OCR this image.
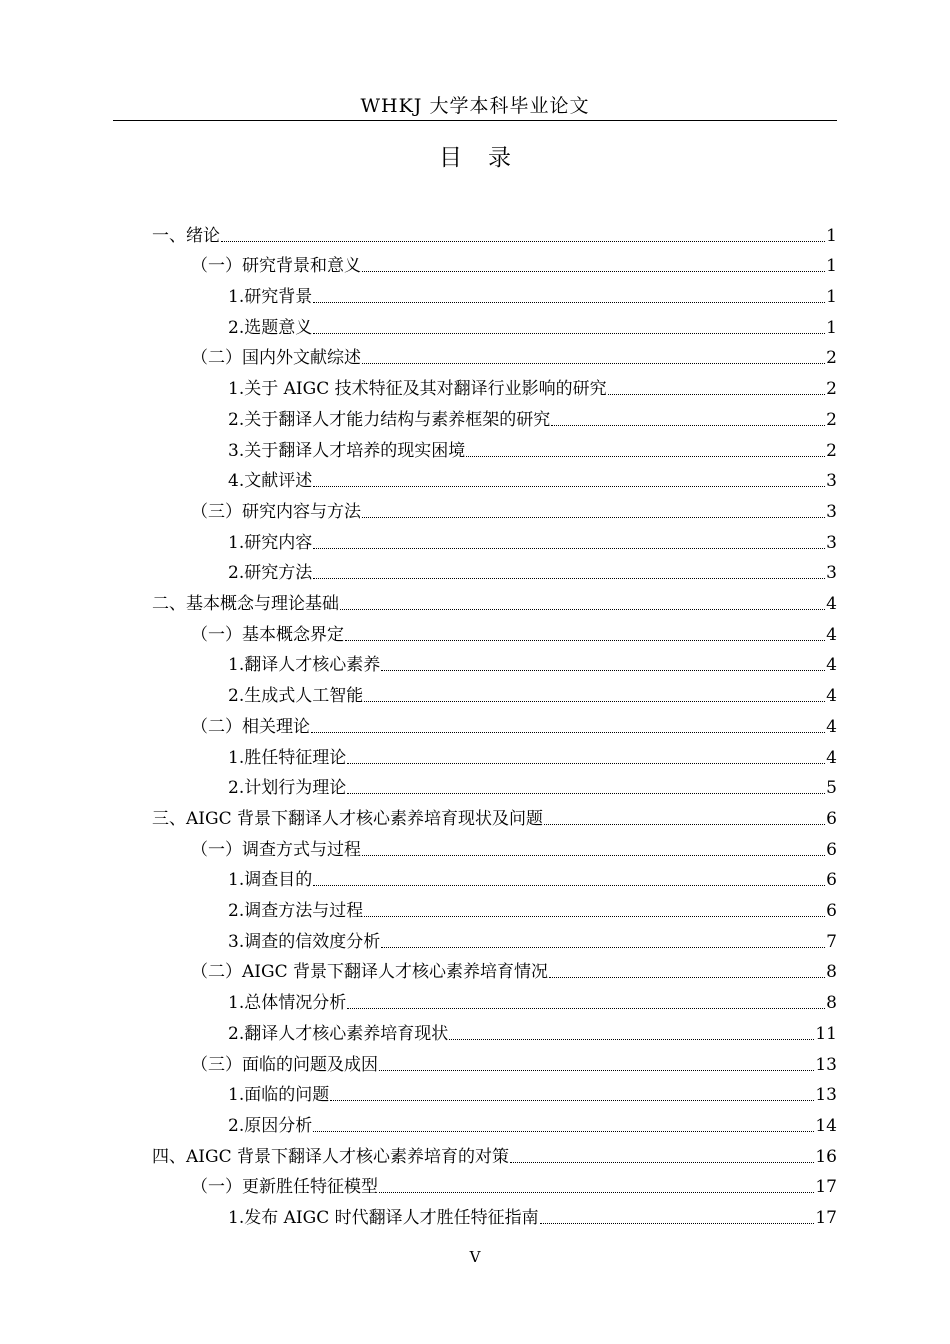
WHKJ 大学本科毕业论文
目录
一、绪论	1
（一）研究背景和意义	1
1.研究背景	1
2.选题意义	1
（二）国内外文献综述	2
1.关于 AIGC 技术特征及其对翻译行业影响的研究	2
2.关于翻译人才能力结构与素养框架的研究	2
3.关于翻译人才培养的现实困境	2
4.文献评述	3
（三）研究内容与方法	3
1.研究内容	3
2.研究方法	3
二、基本概念与理论基础	4
（一）基本概念界定	4
1.翻译人才核心素养	4
2.生成式人工智能	4
（二）相关理论	4
1.胜任特征理论	4
2.计划行为理论	5
三、AIGC 背景下翻译人才核心素养培育现状及问题	6
（一）调查方式与过程	6
1.调查目的	6
2.调查方法与过程	6
3.调查的信效度分析	7
（二）AIGC 背景下翻译人才核心素养培育情况	8
1.总体情况分析	8
2.翻译人才核心素养培育现状	11
（三）面临的问题及成因	13
1.面临的问题	13
2.原因分析	14
四、AIGC 背景下翻译人才核心素养培育的对策	16
（一）更新胜任特征模型	17
1.发布 AIGC 时代翻译人才胜任特征指南	17
V
